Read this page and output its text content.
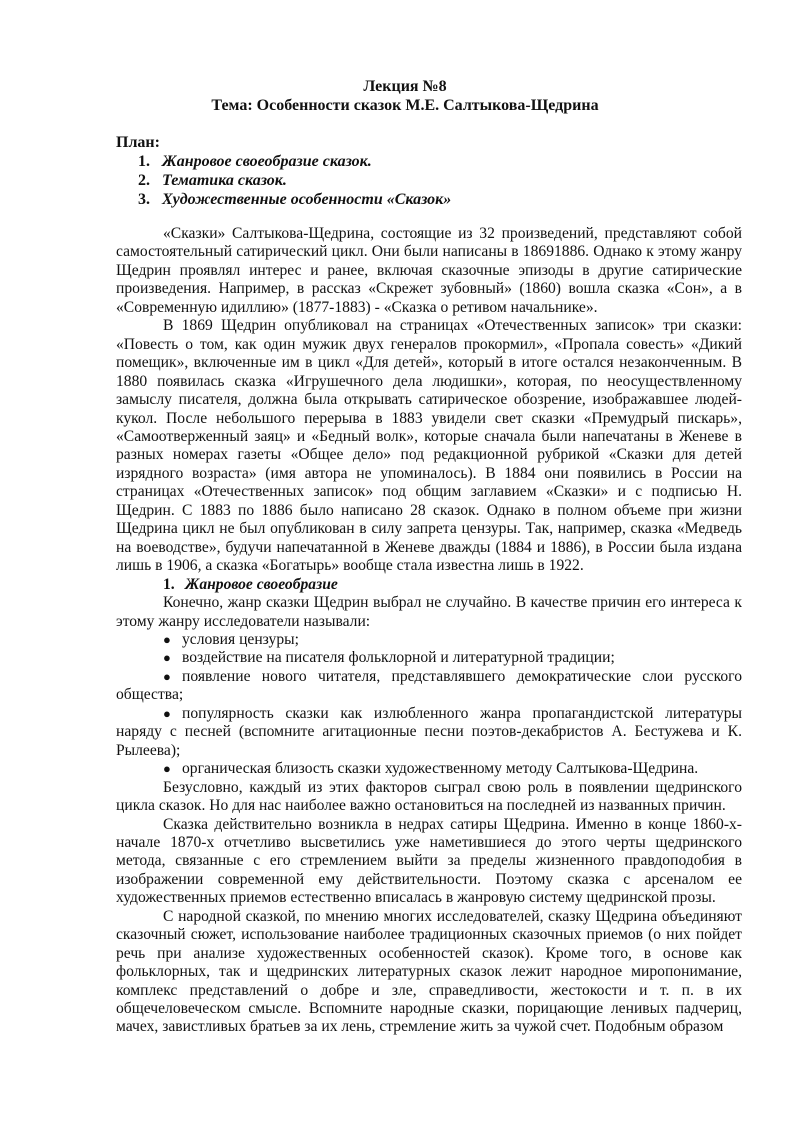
Лекция №8
Тема: Особенности сказок М.Е. Салтыкова-Щедрина
План:
1. Жанровое своеобразие сказок.
2. Тематика сказок.
3. Художественные особенности «Сказок»

«Сказки» Салтыкова-Щедрина, состоящие из 32 произведений, представляют собой самостоятельный сатирический цикл. Они были написаны в 18691886. Однако к этому жанру Щедрин проявлял интерес и ранее, включая сказочные эпизоды в другие сатирические произведения. Например, в рассказ «Скрежет зубовный» (1860) вошла сказка «Сон», а в «Современную идиллию» (1877-1883) - «Сказка о ретивом начальнике».

В 1869 Щедрин опубликовал на страницах «Отечественных записок» три сказки: «Повесть о том, как один мужик двух генералов прокормил», «Пропала совесть» «Дикий помещик», включенные им в цикл «Для детей», который в итоге остался незаконченным. В 1880 появилась сказка «Игрушечного дела людишки», которая, по неосуществленному замыслу писателя, должна была открывать сатирическое обозрение, изображавшее людей-кукол. После небольшого перерыва в 1883 увидели свет сказки «Премудрый пискарь», «Самоотверженный заяц» и «Бедный волк», которые сначала были напечатаны в Женеве в разных номерах газеты «Общее дело» под редакционной рубрикой «Сказки для детей изрядного возраста» (имя автора не упоминалось). В 1884 они появились в России на страницах «Отечественных записок» под общим заглавием «Сказки» и с подписью Н. Щедрин. С 1883 по 1886 было написано 28 сказок. Однако в полном объеме при жизни Щедрина цикл не был опубликован в силу запрета цензуры. Так, например, сказка «Медведь на воеводстве», будучи напечатанной в Женеве дважды (1884 и 1886), в России была издана лишь в 1906, а сказка «Богатырь» вообще стала известна лишь в 1922.

1. Жанровое своеобразие

Конечно, жанр сказки Щедрин выбрал не случайно. В качестве причин его интереса к этому жанру исследователи называли:

● условия цензуры;

● воздействие на писателя фольклорной и литературной традиции;

● появление нового читателя, представлявшего демократические слои русского общества;

● популярность сказки как излюбленного жанра пропагандистской литературы наряду с песней (вспомните агитационные песни поэтов-декабристов А. Бестужева и К. Рылеева);

● органическая близость сказки художественному методу Салтыкова-Щедрина.

Безусловно, каждый из этих факторов сыграл свою роль в появлении щедринского цикла сказок. Но для нас наиболее важно остановиться на последней из названных причин.

Сказка действительно возникла в недрах сатиры Щедрина. Именно в конце 1860-х-начале 1870-х отчетливо высветились уже наметившиеся до этого черты щедринского метода, связанные с его стремлением выйти за пределы жизненного правдоподобия в изображении современной ему действительности. Поэтому сказка с арсеналом ее художественных приемов естественно вписалась в жанровую систему щедринской прозы.

С народной сказкой, по мнению многих исследователей, сказку Щедрина объединяют сказочный сюжет, использование наиболее традиционных сказочных приемов (о них пойдет речь при анализе художественных особенностей сказок). Кроме того, в основе как фольклорных, так и щедринских литературных сказок лежит народное миропонимание, комплекс представлений о добре и зле, справедливости, жестокости и т. п. в их общечеловеческом смысле. Вспомните народные сказки, порицающие ленивых падчериц, мачех, завистливых братьев за их лень, стремление жить за чужой счет. Подобным образом
